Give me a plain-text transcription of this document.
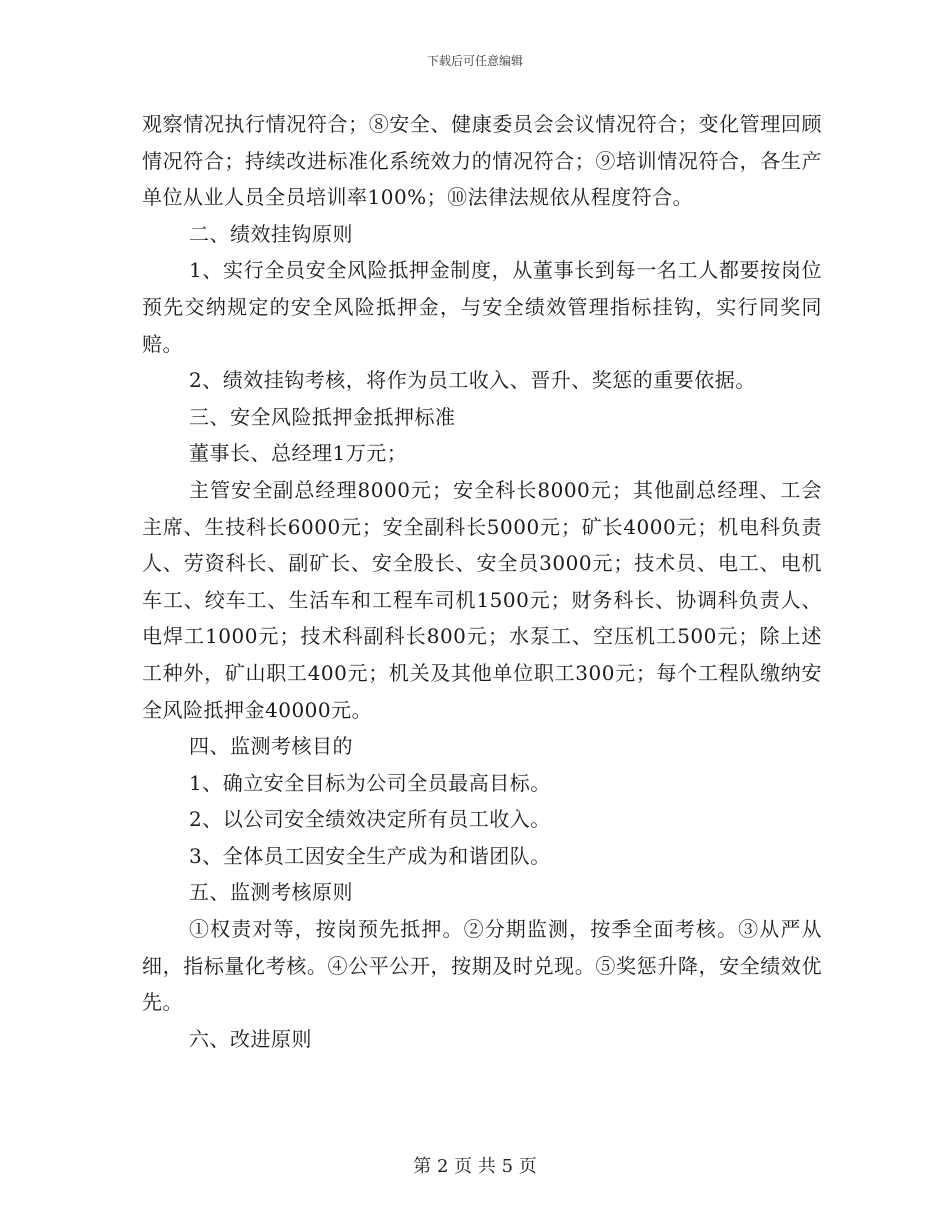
下载后可任意编辑

观察情况执行情况符合；⑧安全、健康委员会会议情况符合；变化管理回顾情况符合；持续改进标准化系统效力的情况符合；⑨培训情况符合，各生产单位从业人员全员培训率100%；⑩法律法规依从程度符合。

二、绩效挂钩原则

1、实行全员安全风险抵押金制度，从董事长到每一名工人都要按岗位预先交纳规定的安全风险抵押金，与安全绩效管理指标挂钩，实行同奖同赔。

2、绩效挂钩考核，将作为员工收入、晋升、奖惩的重要依据。

三、安全风险抵押金抵押标准

董事长、总经理1万元；

主管安全副总经理8000元；安全科长8000元；其他副总经理、工会主席、生技科长6000元；安全副科长5000元；矿长4000元；机电科负责人、劳资科长、副矿长、安全股长、安全员3000元；技术员、电工、电机车工、绞车工、生活车和工程车司机1500元；财务科长、协调科负责人、电焊工1000元；技术科副科长800元；水泵工、空压机工500元；除上述工种外，矿山职工400元；机关及其他单位职工300元；每个工程队缴纳安全风险抵押金40000元。

四、监测考核目的

1、确立安全目标为公司全员最高目标。

2、以公司安全绩效决定所有员工收入。

3、全体员工因安全生产成为和谐团队。

五、监测考核原则

①权责对等，按岗预先抵押。②分期监测，按季全面考核。③从严从细，指标量化考核。④公平公开，按期及时兑现。⑤奖惩升降，安全绩效优先。

六、改进原则

第 2 页 共 5 页
